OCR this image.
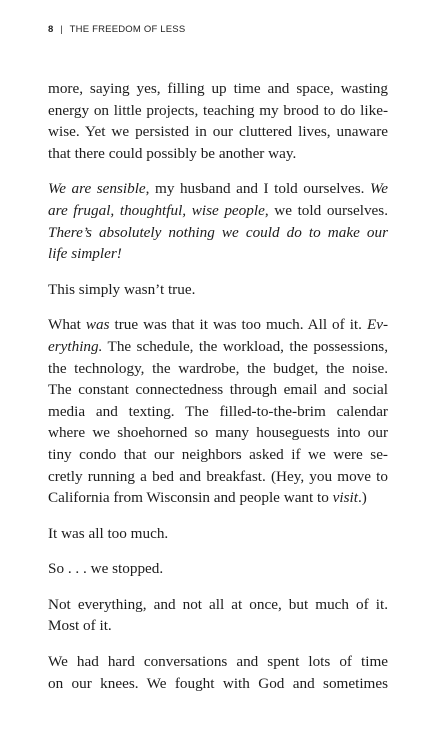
8 | THE FREEDOM OF LESS

more, saying yes, filling up time and space, wasting
energy on little projects, teaching my brood to do like-
wise. Yet we persisted in our cluttered lives, unaware
that there could possibly be another way.

We are sensible, my husband and I told ourselves. We
are frugal, thoughtful, wise people, we told ourselves.
There’s absolutely nothing we could do to make our
life simpler!

This simply wasn’t true.

What was true was that it was too much. All of it. Ev-
erything. The schedule, the workload, the possessions,
the technology, the wardrobe, the budget, the noise.
The constant connectedness through email and social
media and texting. The filled-to-the-brim calendar
where we shoehorned so many houseguests into our
tiny condo that our neighbors asked if we were se-
cretly running a bed and breakfast. (Hey, you move to
California from Wisconsin and people want to visit.)

It was all too much.

So . . . we stopped.

Not everything, and not all at once, but much of it.
Most of it.

We had hard conversations and spent lots of time
on our knees. We fought with God and sometimes
